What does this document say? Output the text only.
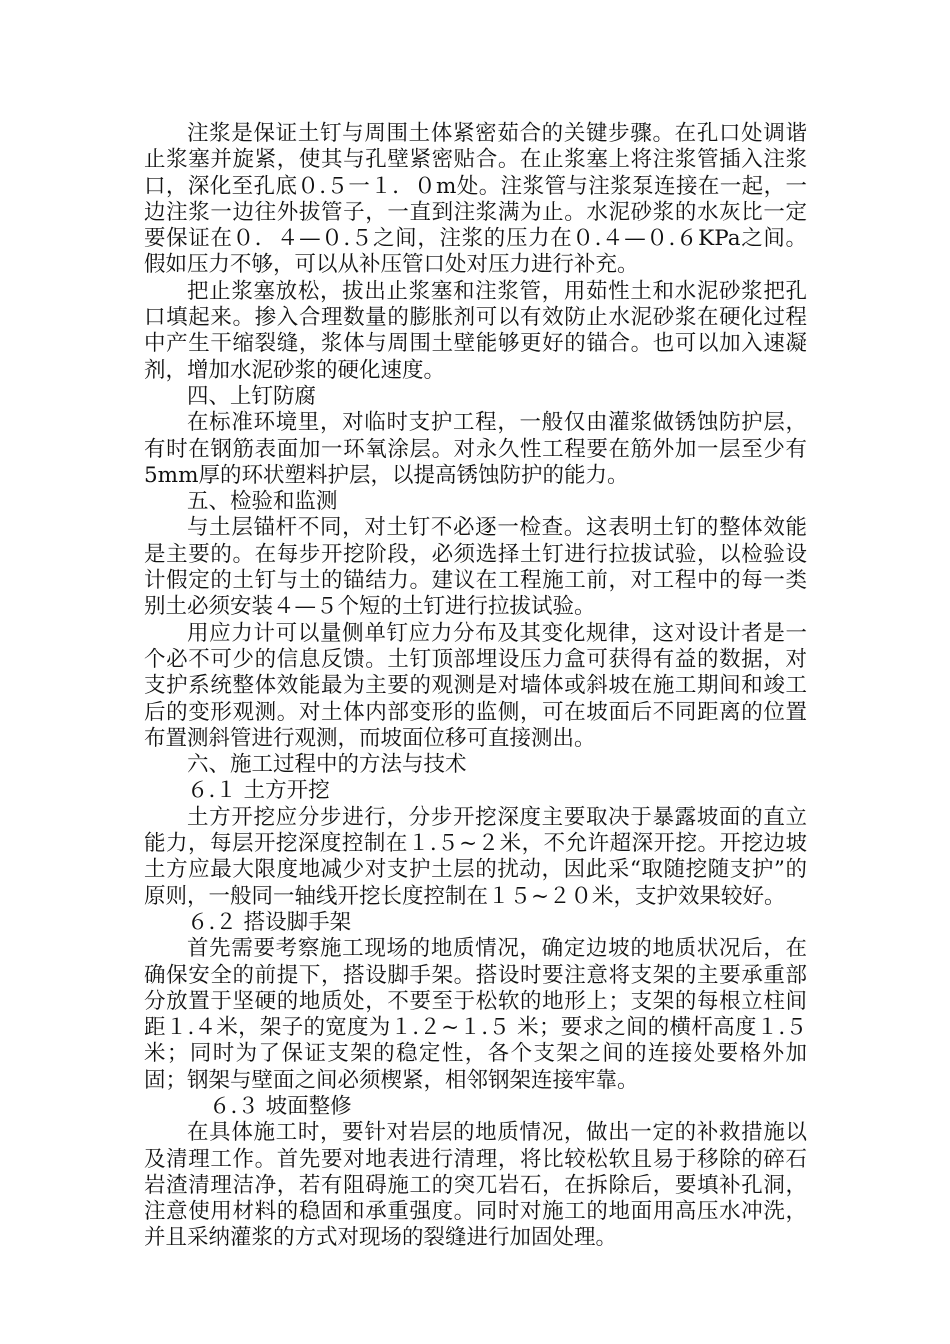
注浆是保证土钉与周围土体紧密茹合的关键步骤。在孔口处调谐止浆塞并旋紧，使其与孔壁紧密贴合。在止浆塞上将注浆管插入注浆口，深化至孔底０.５一１．０m处。注浆管与注浆泵连接在一起，一边注浆一边往外拔管子，一直到注浆满为止。水泥砂浆的水灰比一定要保证在０．４—０.５之间，注浆的压力在０.４—０.６KPa之间。假如压力不够，可以从补压管口处对压力进行补充。

把止浆塞放松，拔出止浆塞和注浆管，用茹性土和水泥砂浆把孔口填起来。掺入合理数量的膨胀剂可以有效防止水泥砂浆在硬化过程中产生干缩裂缝，浆体与周围土壁能够更好的锚合。也可以加入速凝剂，增加水泥砂浆的硬化速度。

四、上钉防腐

在标准环境里，对临时支护工程，一般仅由灌浆做锈蚀防护层，有时在钢筋表面加一环氧涂层。对永久性工程要在筋外加一层至少有5mm厚的环状塑料护层，以提高锈蚀防护的能力。

五、检验和监测

与土层锚杆不同，对土钉不必逐一检查。这表明土钉的整体效能是主要的。在每步开挖阶段，必须选择土钉进行拉拔试验，以检验设计假定的土钉与土的锚结力。建议在工程施工前，对工程中的每一类别土必须安装４—５个短的土钉进行拉拔试验。

用应力计可以量侧单钉应力分布及其变化规律，这对设计者是一个必不可少的信息反馈。土钉顶部埋设压力盒可获得有益的数据，对支护系统整体效能最为主要的观测是对墙体或斜坡在施工期间和竣工后的变形观测。对土体内部变形的监侧，可在坡面后不同距离的位置布置测斜管进行观测，而坡面位移可直接测出。

六、施工过程中的方法与技术

６.１ 土方开挖

土方开挖应分步进行，分步开挖深度主要取决于暴露坡面的直立能力，每层开挖深度控制在１.５~２米，不允许超深开挖。开挖边坡土方应最大限度地减少对支护土层的扰动，因此采“取随挖随支护”的原则，一般同一轴线开挖长度控制在１５~２０米，支护效果较好。

６.２ 搭设脚手架

首先需要考察施工现场的地质情况，确定边坡的地质状况后，在确保安全的前提下，搭设脚手架。搭设时要注意将支架的主要承重部分放置于坚硬的地质处，不要至于松软的地形上；支架的每根立柱间距１.４米，架子的宽度为１.２~１.５ 米；要求之间的横杆高度１.５米；同时为了保证支架的稳定性，各个支架之间的连接处要格外加固；钢架与壁面之间必须楔紧，相邻钢架连接牢靠。

６.３ 坡面整修

在具体施工时，要针对岩层的地质情况，做出一定的补救措施以及清理工作。首先要对地表进行清理，将比较松软且易于移除的碎石岩渣清理洁净，若有阻碍施工的突兀岩石，在拆除后，要填补孔洞，注意使用材料的稳固和承重强度。同时对施工的地面用高压水冲洗，并且采纳灌浆的方式对现场的裂缝进行加固处理。
